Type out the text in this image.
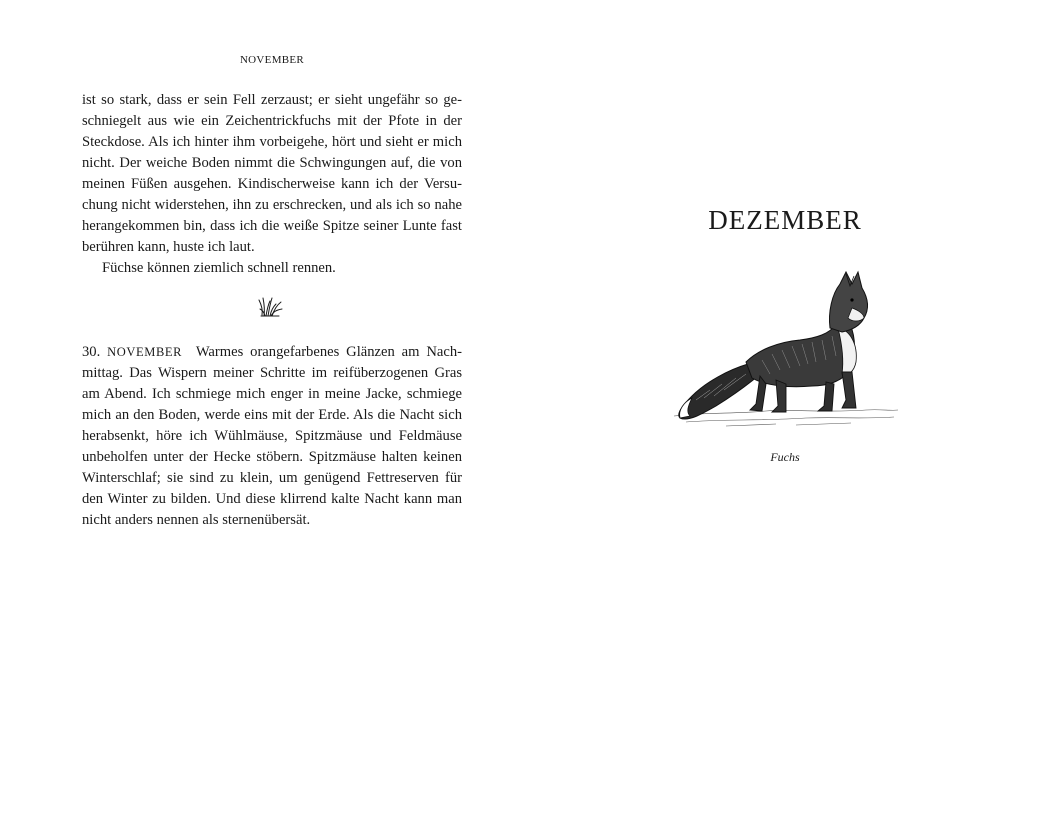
NOVEMBER
ist so stark, dass er sein Fell zerzaust; er sieht ungefähr so ge-
schniegelt aus wie ein Zeichentrickfuchs mit der Pfote in der
Steckdose. Als ich hinter ihm vorbeigehe, hört und sieht er mich
nicht. Der weiche Boden nimmt die Schwingungen auf, die von
meinen Füßen ausgehen. Kindischerweise kann ich der Versu-
chung nicht widerstehen, ihn zu erschrecken, und als ich so nahe
herangekommen bin, dass ich die weiße Spitze seiner Lunte fast
berühren kann, huste ich laut.
Füchse können ziemlich schnell rennen.
30. NOVEMBER Warmes orangefarbenes Glänzen am Nach-
mittag. Das Wispern meiner Schritte im reifüberzogenen Gras
am Abend. Ich schmiege mich enger in meine Jacke, schmiege
mich an den Boden, werde eins mit der Erde. Als die Nacht sich
herabsenkt, höre ich Wühlmäuse, Spitzmäuse und Feldmäuse
unbeholfen unter der Hecke stöbern. Spitzmäuse halten keinen
Winterschlaf; sie sind zu klein, um genügend Fettreserven für
den Winter zu bilden. Und diese klirrend kalte Nacht kann man
nicht anders nennen als sternenübersät.
DEZEMBER
Fuchs
